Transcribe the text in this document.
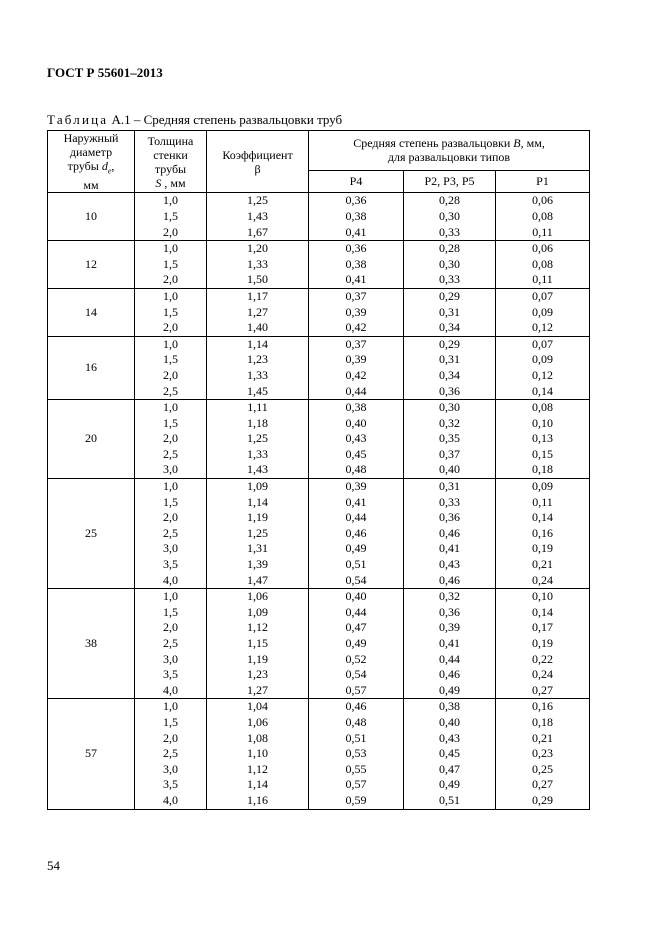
ГОСТ Р 55601–2013
Таблица А.1 – Средняя степень развальцовки труб
Наружный
диаметр
трубы $d_e$,
мм	Толщина
стенки
трубы
S , мм	Коэффициент
β	Средняя степень развальцовки B, мм,
для развальцовки типов		
			Р4	Р2, Р3, Р5	Р1
10	1,0	1,25	0,36	0,28	0,06
	1,5	1,43	0,38	0,30	0,08
	2,0	1,67	0,41	0,33	0,11
12	1,0	1,20	0,36	0,28	0,06
	1,5	1,33	0,38	0,30	0,08
	2,0	1,50	0,41	0,33	0,11
14	1,0	1,17	0,37	0,29	0,07
	1,5	1,27	0,39	0,31	0,09
	2,0	1,40	0,42	0,34	0,12
16	1,0	1,14	0,37	0,29	0,07
	1,5	1,23	0,39	0,31	0,09
	2,0	1,33	0,42	0,34	0,12
	2,5	1,45	0,44	0,36	0,14
20	1,0	1,11	0,38	0,30	0,08
	1,5	1,18	0,40	0,32	0,10
	2,0	1,25	0,43	0,35	0,13
	2,5	1,33	0,45	0,37	0,15
	3,0	1,43	0,48	0,40	0,18
25	1,0	1,09	0,39	0,31	0,09
	1,5	1,14	0,41	0,33	0,11
	2,0	1,19	0,44	0,36	0,14
	2,5	1,25	0,46	0,46	0,16
	3,0	1,31	0,49	0,41	0,19
	3,5	1,39	0,51	0,43	0,21
	4,0	1,47	0,54	0,46	0,24
38	1,0	1,06	0,40	0,32	0,10
	1,5	1,09	0,44	0,36	0,14
	2,0	1,12	0,47	0,39	0,17
	2,5	1,15	0,49	0,41	0,19
	3,0	1,19	0,52	0,44	0,22
	3,5	1,23	0,54	0,46	0,24
	4,0	1,27	0,57	0,49	0,27
57	1,0	1,04	0,46	0,38	0,16
	1,5	1,06	0,48	0,40	0,18
	2,0	1,08	0,51	0,43	0,21
	2,5	1,10	0,53	0,45	0,23
	3,0	1,12	0,55	0,47	0,25
	3,5	1,14	0,57	0,49	0,27
	4,0	1,16	0,59	0,51	0,29
54
